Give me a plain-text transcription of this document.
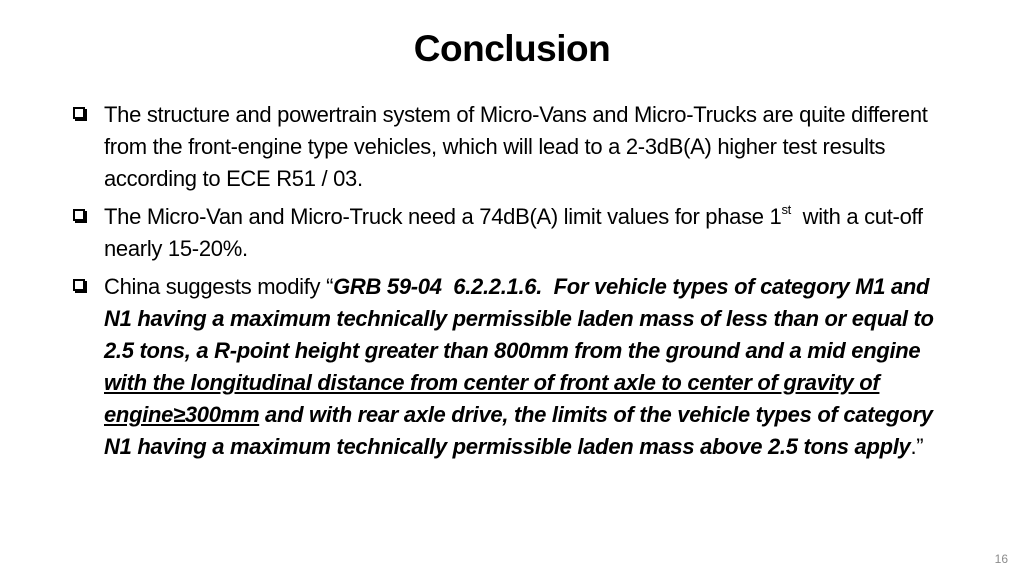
Conclusion
The structure and powertrain system of Micro-Vans and Micro-Trucks are quite different from the front-engine type vehicles, which will lead to a 2-3dB(A) higher test results according to ECE R51 / 03.
The Micro-Van and Micro-Truck need a 74dB(A) limit values for phase 1st  with a cut-off nearly 15-20%.
China suggests modify “GRB 59-04  6.2.2.1.6.  For vehicle types of category M1 and N1 having a maximum technically permissible laden mass of less than or equal to 2.5 tons, a R-point height greater than 800mm from the ground and a mid engine with the longitudinal distance from center of front axle to center of gravity of engine≥300mm and with rear axle drive, the limits of the vehicle types of category N1 having a maximum technically permissible laden mass above 2.5 tons apply.”
16
